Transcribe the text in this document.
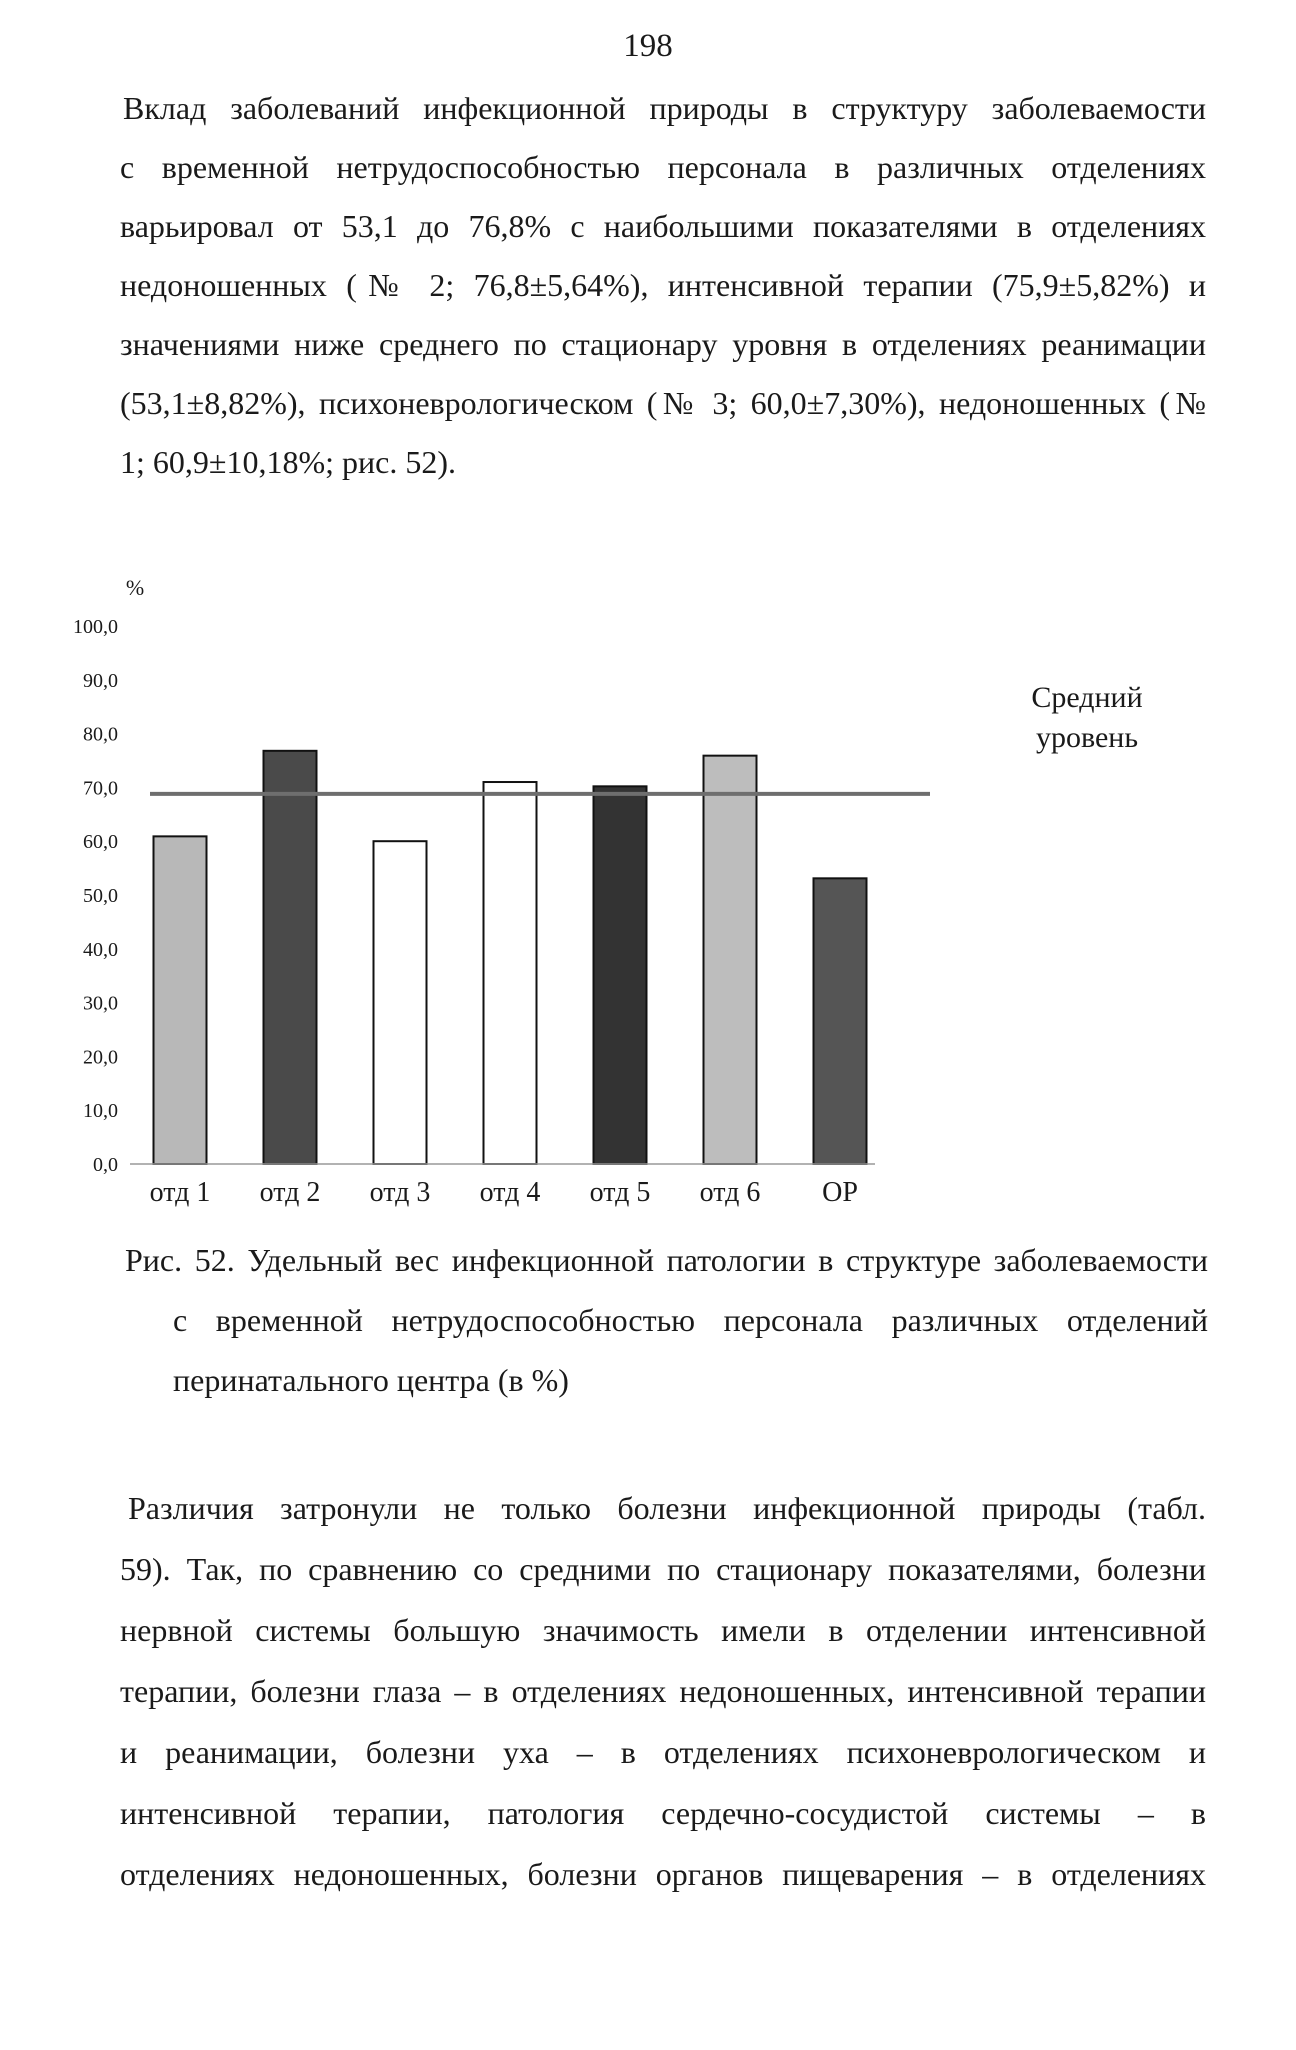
198
Вклад заболеваний инфекционной природы в структуру заболеваемости
с временной нетрудоспособностью персонала в различных отделениях
варьировал от 53,1 до 76,8% с наибольшими показателями в отделениях
недоношенных (№ 2; 76,8±5,64%), интенсивной терапии (75,9±5,82%) и
значениями ниже среднего по стационару уровня в отделениях реанимации
(53,1±8,82%), психоневрологическом (№ 3; 60,0±7,30%), недоношенных (№
1; 60,9±10,18%; рис. 52).
%
0,0
10,0
20,0
30,0
40,0
50,0
60,0
70,0
80,0
90,0
100,0
Средний
уровень
отд 1 отд 2 отд 3 отд 4 отд 5 отд 6 ОР
Рис. 52. Удельный вес инфекционной патологии в структуре заболеваемости
с временной нетрудоспособностью персонала различных отделений
перинатального центра (в %)
Различия затронули не только болезни инфекционной природы (табл.
59). Так, по сравнению со средними по стационару показателями, болезни
нервной системы большую значимость имели в отделении интенсивной
терапии, болезни глаза – в отделениях недоношенных, интенсивной терапии
и реанимации, болезни уха – в отделениях психоневрологическом и
интенсивной терапии, патология сердечно-сосудистой системы – в
отделениях недоношенных, болезни органов пищеварения – в отделениях
